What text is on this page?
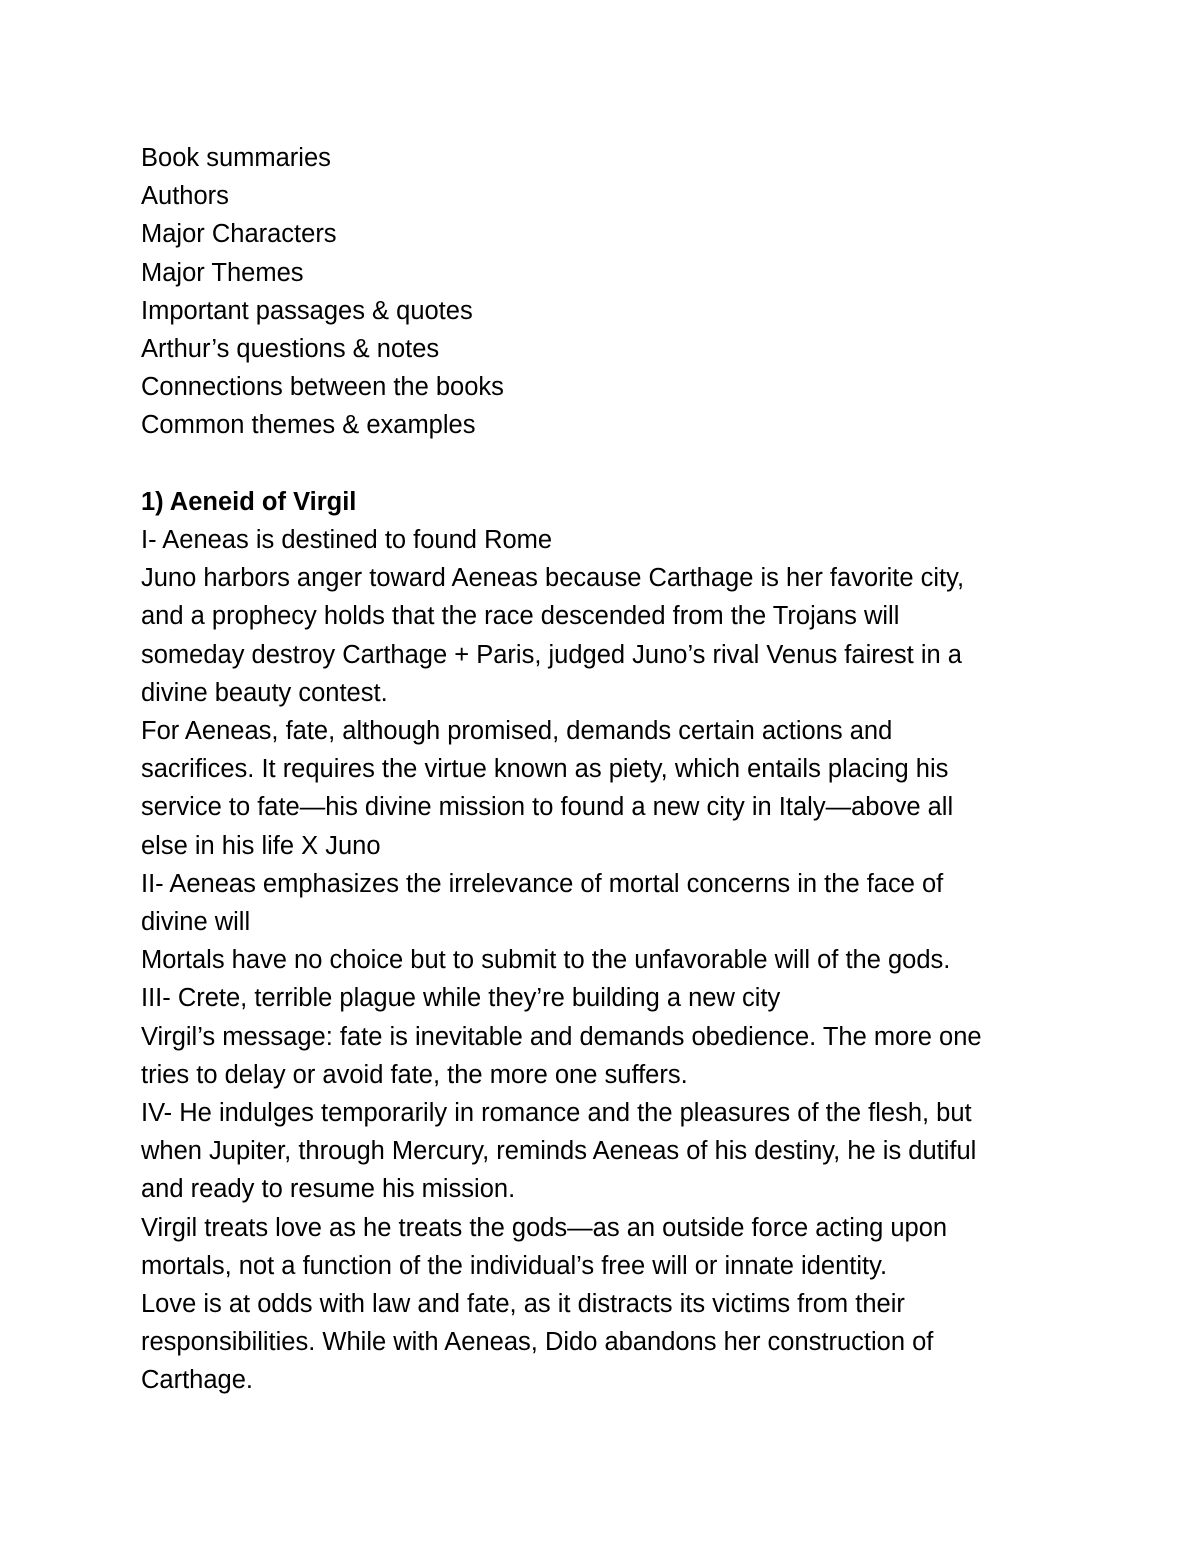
Book summaries

Authors

Major Characters

Major Themes

Important passages & quotes

Arthur’s questions & notes

Connections between the books

Common themes & examples

1) Aeneid of Virgil

I- Aeneas is destined to found Rome

Juno harbors anger toward Aeneas because Carthage is her favorite city,

and a prophecy holds that the race descended from the Trojans will

someday destroy Carthage + Paris, judged Juno’s rival Venus fairest in a

divine beauty contest.

For Aeneas, fate, although promised, demands certain actions and

sacrifices. It requires the virtue known as piety, which entails placing his

service to fate—his divine mission to found a new city in Italy—above all

else in his life X Juno

II- Aeneas emphasizes the irrelevance of mortal concerns in the face of

divine will

Mortals have no choice but to submit to the unfavorable will of the gods.

III- Crete, terrible plague while they’re building a new city

Virgil’s message: fate is inevitable and demands obedience. The more one

tries to delay or avoid fate, the more one suffers.

IV- He indulges temporarily in romance and the pleasures of the flesh, but

when Jupiter, through Mercury, reminds Aeneas of his destiny, he is dutiful

and ready to resume his mission.

Virgil treats love as he treats the gods—as an outside force acting upon

mortals, not a function of the individual’s free will or innate identity.

Love is at odds with law and fate, as it distracts its victims from their

responsibilities. While with Aeneas, Dido abandons her construction of

Carthage.
